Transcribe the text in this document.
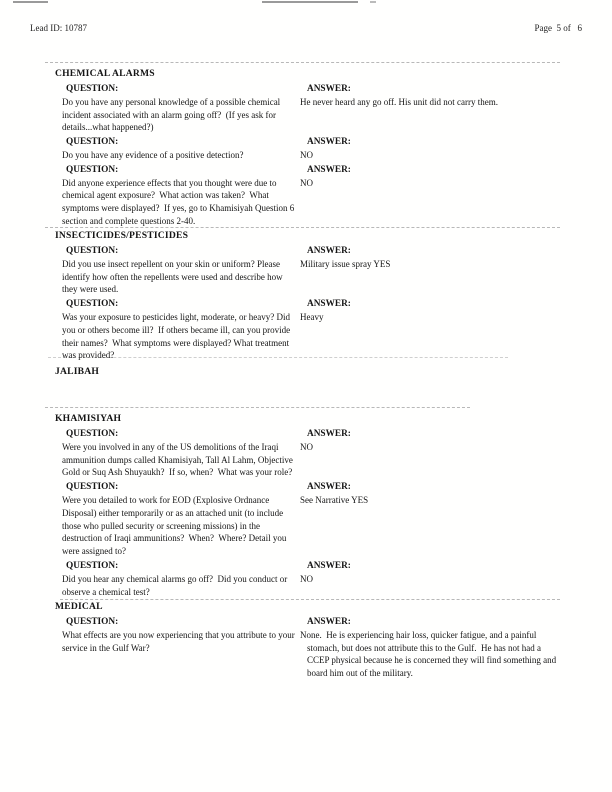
Lead ID: 10787	Page  5 of   6
CHEMICAL ALARMS
QUESTION:
Do you have any personal knowledge of a possible chemical incident associated with an alarm going off?  (If yes ask for details...what happened?)
ANSWER:
He never heard any go off. His unit did not carry them.
QUESTION:
Do you have any evidence of a positive detection?
ANSWER:
NO
QUESTION:
Did anyone experience effects that you thought were due to chemical agent exposure?  What action was taken?  What symptoms were displayed?  If yes, go to Khamisiyah Question 6 section and complete questions 2-40.
ANSWER:
NO
INSECTICIDES/PESTICIDES
QUESTION:
Did you use insect repellent on your skin or uniform? Please identify how often the repellents were used and describe how they were used.
ANSWER:
Military issue spray YES
QUESTION:
Was your exposure to pesticides light, moderate, or heavy? Did you or others become ill?  If others became ill, can you provide their names?  What symptoms were displayed? What treatment was provided?
ANSWER:
Heavy
JALIBAH
KHAMISIYAH
QUESTION:
Were you involved in any of the US demolitions of the Iraqi ammunition dumps called Khamisiyah, Tall Al Lahm, Objective Gold or Suq Ash Shuyaukh?  If so, when?  What was your role?
ANSWER:
NO
QUESTION:
Were you detailed to work for EOD (Explosive Ordnance Disposal) either temporarily or as an attached unit (to include those who pulled security or screening missions) in the destruction of Iraqi ammunitions?  When?  Where? Detail you were assigned to?
ANSWER:
See Narrative YES
QUESTION:
Did you hear any chemical alarms go off?  Did you conduct or observe a chemical test?
ANSWER:
NO
MEDICAL
QUESTION:
What effects are you now experiencing that you attribute to your service in the Gulf War?
ANSWER:
None.  He is experiencing hair loss, quicker fatigue, and a painful stomach, but does not attribute this to the Gulf.  He has not had a CCEP physical because he is concerned they will find something and board him out of the military.
